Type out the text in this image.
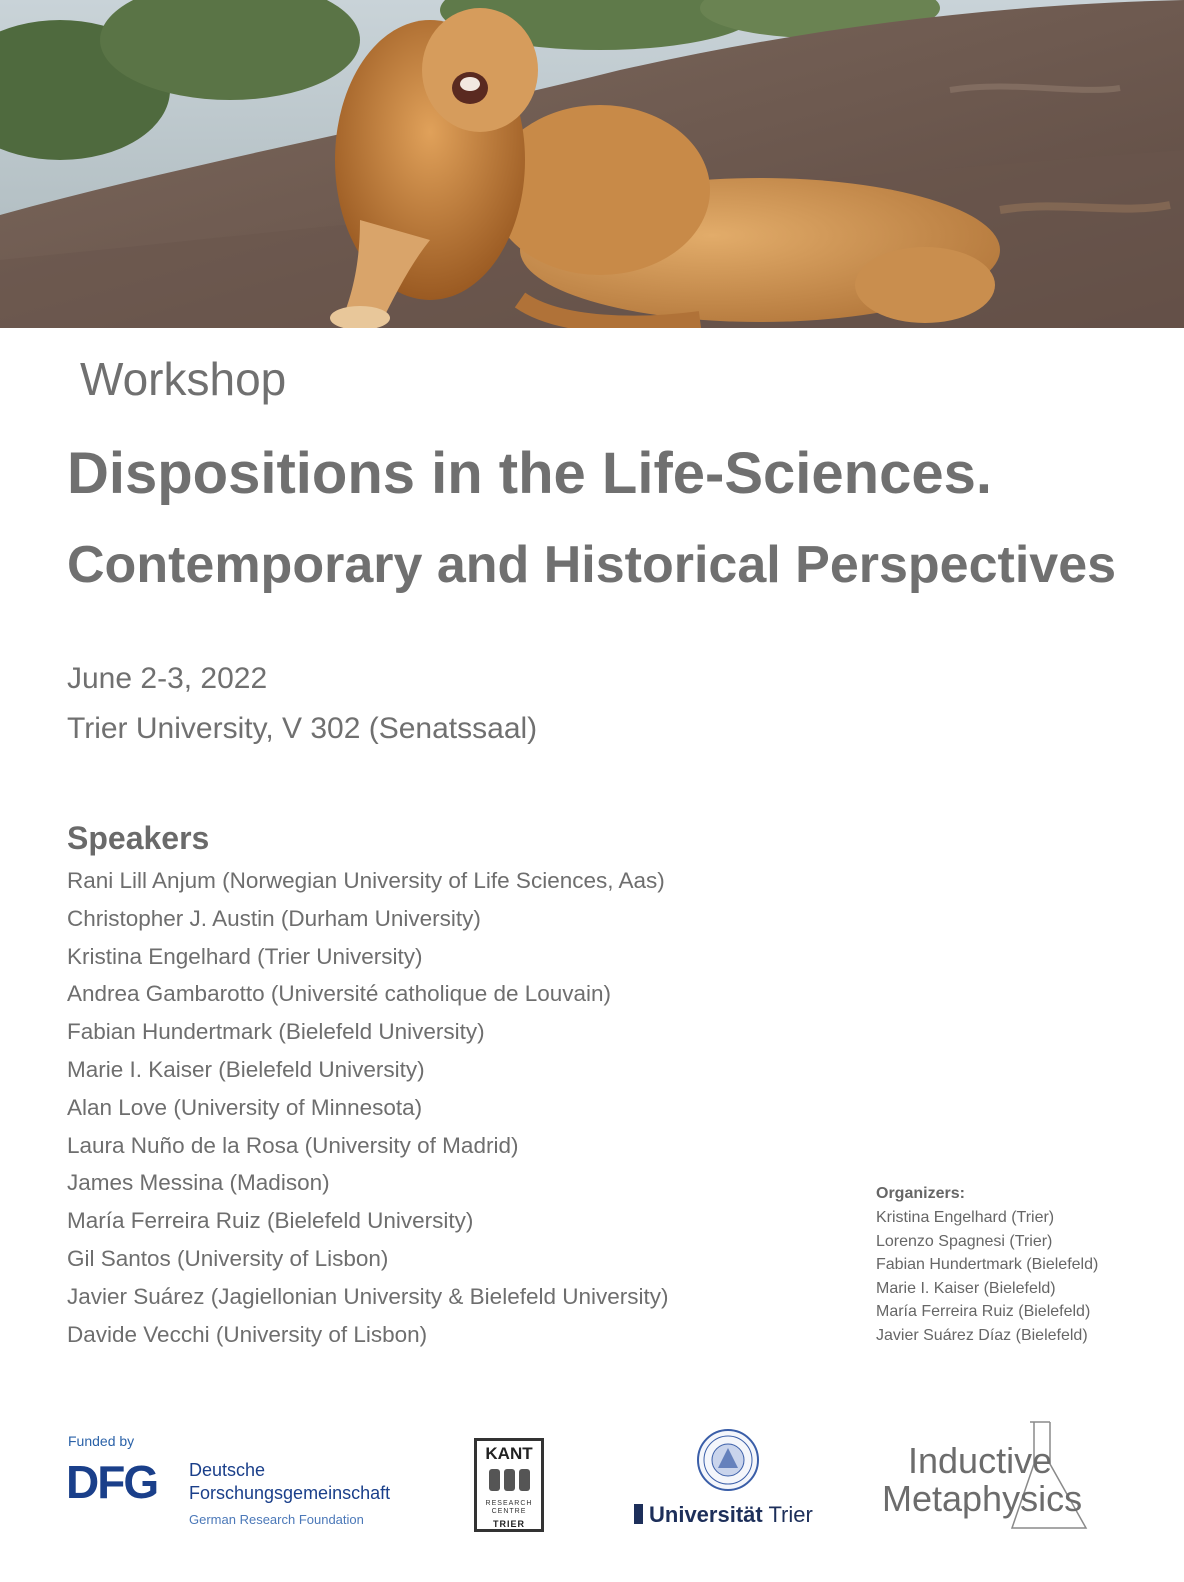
Workshop
Dispositions in the Life-Sciences.
Contemporary and Historical Perspectives
June 2-3, 2022
Trier University, V 302 (Senatssaal)
Speakers
Rani Lill Anjum (Norwegian University of Life Sciences, Aas)
Christopher J. Austin (Durham University)
Kristina Engelhard (Trier University)
Andrea Gambarotto (Université catholique de Louvain)
Fabian Hundertmark (Bielefeld University)
Marie I. Kaiser (Bielefeld University)
Alan Love (University of Minnesota)
Laura Nuño de la Rosa (University of Madrid)
James Messina (Madison)
María Ferreira Ruiz (Bielefeld University)
Gil Santos (University of Lisbon)
Javier Suárez (Jagiellonian University & Bielefeld University)
Davide Vecchi (University of Lisbon)
Organizers:
Kristina Engelhard (Trier)
Lorenzo Spagnesi (Trier)
Fabian Hundertmark (Bielefeld)
Marie I. Kaiser (Bielefeld)
María Ferreira Ruiz (Bielefeld)
Javier Suárez Díaz (Bielefeld)
Funded by
DFG Deutsche
Forschungsgemeinschaft
German Research Foundation
KANT
RESEARCH
CENTRE
TRIER	Universität Trier
Inductive
Metaphysics
